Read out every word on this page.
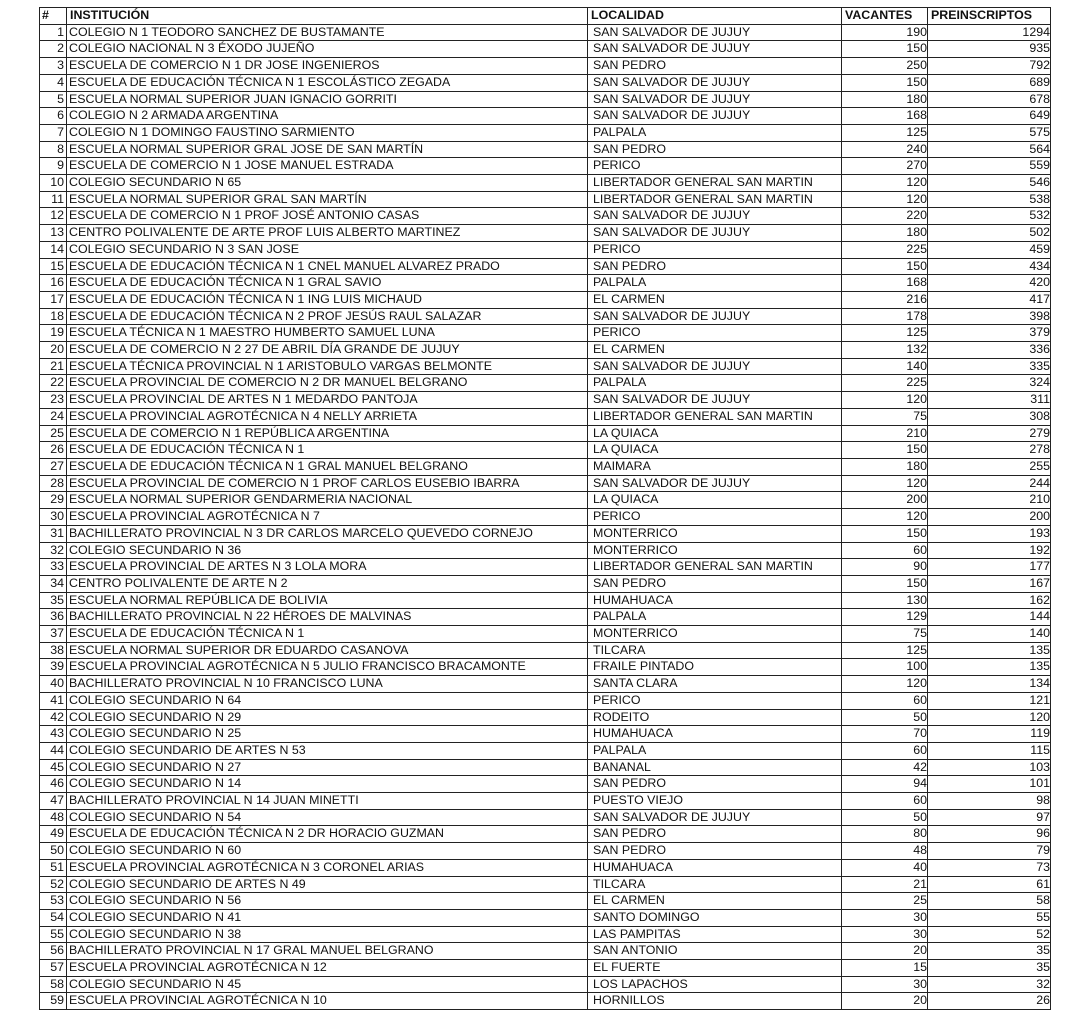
#	INSTITUCIÓN	LOCALIDAD	VACANTES	PREINSCRIPTOS
1	COLEGIO N 1 TEODORO SANCHEZ DE BUSTAMANTE	SAN SALVADOR DE JUJUY	190	1294
2	COLEGIO NACIONAL N 3 ÉXODO JUJEÑO	SAN SALVADOR DE JUJUY	150	935
3	ESCUELA DE COMERCIO N 1 DR JOSE INGENIEROS	SAN PEDRO	250	792
4	ESCUELA DE EDUCACIÓN TÉCNICA N 1 ESCOLÁSTICO ZEGADA	SAN SALVADOR DE JUJUY	150	689
5	ESCUELA NORMAL SUPERIOR JUAN IGNACIO GORRITI	SAN SALVADOR DE JUJUY	180	678
6	COLEGIO N 2 ARMADA ARGENTINA	SAN SALVADOR DE JUJUY	168	649
7	COLEGIO N 1 DOMINGO FAUSTINO SARMIENTO	PALPALA	125	575
8	ESCUELA NORMAL SUPERIOR GRAL JOSE DE SAN MARTÍN	SAN PEDRO	240	564
9	ESCUELA DE COMERCIO N 1 JOSE MANUEL ESTRADA	PERICO	270	559
10	COLEGIO SECUNDARIO N 65	LIBERTADOR GENERAL SAN MARTIN	120	546
11	ESCUELA NORMAL SUPERIOR GRAL SAN MARTÍN	LIBERTADOR GENERAL SAN MARTIN	120	538
12	ESCUELA DE COMERCIO N 1 PROF JOSÉ ANTONIO CASAS	SAN SALVADOR DE JUJUY	220	532
13	CENTRO POLIVALENTE DE ARTE PROF LUIS ALBERTO MARTINEZ	SAN SALVADOR DE JUJUY	180	502
14	COLEGIO SECUNDARIO N 3 SAN JOSE	PERICO	225	459
15	ESCUELA DE EDUCACIÓN TÉCNICA N 1 CNEL MANUEL ALVAREZ PRADO	SAN PEDRO	150	434
16	ESCUELA DE EDUCACIÓN TÉCNICA N 1 GRAL SAVIO	PALPALA	168	420
17	ESCUELA DE EDUCACIÓN TÉCNICA N 1 ING LUIS MICHAUD	EL CARMEN	216	417
18	ESCUELA DE EDUCACIÓN TÉCNICA N 2 PROF JESÚS RAUL SALAZAR	SAN SALVADOR DE JUJUY	178	398
19	ESCUELA TÉCNICA N 1 MAESTRO HUMBERTO SAMUEL LUNA	PERICO	125	379
20	ESCUELA DE COMERCIO N 2 27 DE ABRIL DÍA GRANDE DE JUJUY	EL CARMEN	132	336
21	ESCUELA TÉCNICA PROVINCIAL N 1 ARISTOBULO VARGAS BELMONTE	SAN SALVADOR DE JUJUY	140	335
22	ESCUELA PROVINCIAL DE COMERCIO N 2 DR MANUEL BELGRANO	PALPALA	225	324
23	ESCUELA PROVINCIAL DE ARTES N 1 MEDARDO PANTOJA	SAN SALVADOR DE JUJUY	120	311
24	ESCUELA PROVINCIAL AGROTÉCNICA N 4 NELLY ARRIETA	LIBERTADOR GENERAL SAN MARTIN	75	308
25	ESCUELA DE COMERCIO N 1 REPÚBLICA ARGENTINA	LA QUIACA	210	279
26	ESCUELA DE EDUCACIÓN TÉCNICA N 1	LA QUIACA	150	278
27	ESCUELA DE EDUCACIÓN TÉCNICA N 1 GRAL MANUEL BELGRANO	MAIMARA	180	255
28	ESCUELA PROVINCIAL DE COMERCIO N 1 PROF CARLOS EUSEBIO IBARRA	SAN SALVADOR DE JUJUY	120	244
29	ESCUELA NORMAL SUPERIOR GENDARMERIA NACIONAL	LA QUIACA	200	210
30	ESCUELA PROVINCIAL AGROTÉCNICA N 7	PERICO	120	200
31	BACHILLERATO PROVINCIAL N 3 DR CARLOS MARCELO QUEVEDO CORNEJO	MONTERRICO	150	193
32	COLEGIO SECUNDARIO N 36	MONTERRICO	60	192
33	ESCUELA PROVINCIAL DE ARTES N 3 LOLA MORA	LIBERTADOR GENERAL SAN MARTIN	90	177
34	CENTRO POLIVALENTE DE ARTE N 2	SAN PEDRO	150	167
35	ESCUELA NORMAL REPÚBLICA DE BOLIVIA	HUMAHUACA	130	162
36	BACHILLERATO PROVINCIAL N 22 HÉROES DE MALVINAS	PALPALA	129	144
37	ESCUELA DE EDUCACIÓN TÉCNICA N 1	MONTERRICO	75	140
38	ESCUELA NORMAL SUPERIOR DR EDUARDO CASANOVA	TILCARA	125	135
39	ESCUELA PROVINCIAL AGROTÉCNICA N 5 JULIO FRANCISCO BRACAMONTE	FRAILE PINTADO	100	135
40	BACHILLERATO PROVINCIAL N 10 FRANCISCO LUNA	SANTA CLARA	120	134
41	COLEGIO SECUNDARIO N 64	PERICO	60	121
42	COLEGIO SECUNDARIO N 29	RODEITO	50	120
43	COLEGIO SECUNDARIO N 25	HUMAHUACA	70	119
44	COLEGIO SECUNDARIO DE ARTES N 53	PALPALA	60	115
45	COLEGIO SECUNDARIO N 27	BANANAL	42	103
46	COLEGIO SECUNDARIO N 14	SAN PEDRO	94	101
47	BACHILLERATO PROVINCIAL N 14 JUAN MINETTI	PUESTO VIEJO	60	98
48	COLEGIO SECUNDARIO N 54	SAN SALVADOR DE JUJUY	50	97
49	ESCUELA DE EDUCACIÓN TÉCNICA N 2 DR HORACIO GUZMAN	SAN PEDRO	80	96
50	COLEGIO SECUNDARIO N 60	SAN PEDRO	48	79
51	ESCUELA PROVINCIAL AGROTÉCNICA N 3 CORONEL ARIAS	HUMAHUACA	40	73
52	COLEGIO SECUNDARIO DE ARTES N 49	TILCARA	21	61
53	COLEGIO SECUNDARIO N 56	EL CARMEN	25	58
54	COLEGIO SECUNDARIO N 41	SANTO DOMINGO	30	55
55	COLEGIO SECUNDARIO N 38	LAS PAMPITAS	30	52
56	BACHILLERATO PROVINCIAL N 17 GRAL MANUEL BELGRANO	SAN ANTONIO	20	35
57	ESCUELA PROVINCIAL AGROTÉCNICA N 12	EL FUERTE	15	35
58	COLEGIO SECUNDARIO N 45	LOS LAPACHOS	30	32
59	ESCUELA PROVINCIAL AGROTÉCNICA N 10	HORNILLOS	20	26
